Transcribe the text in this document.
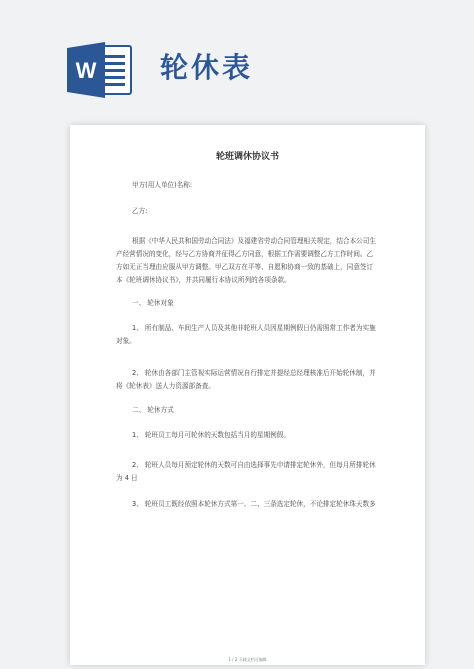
W 轮休表
轮班调休协议书
甲方(用人单位)名称:
乙方:
根据《中华人民共和国劳动合同法》及福建省劳动合同管理相关规定，结合本公司生
产经营情况的变化，经与乙方协商并征得乙方同意，根据工作需要调整乙方工作时间。乙
方如无正当理由应服从甲方调整。甲乙双方在平等、自愿和协商一致的基础上，同意签订
本《轮班调休协议书》，并共同履行本协议所列的各项条款。
一、 轮休对象
1、 所有制品、车间生产人员及其他非轮班人员因星期例假日仍需照常工作者为实施
对象。
2、 轮休由各部门主管视实际运营情况自行排定并提经总经理核准后开始轮休制，并
将《轮休表》送人力资源部备查。
二、 轮休方式
1、 轮班员工每月可轮休的天数包括当月的星期例假。
2、 轮班人员每月预定轮休的天数可自由选择事先申请排定轮休外，但每月所排轮休
为 4 日
3、 轮班员工既经依照本轮休方式第一、二、三条选定轮休，不论排定轮休珠天数多
1 / 2 下载文档可编辑
